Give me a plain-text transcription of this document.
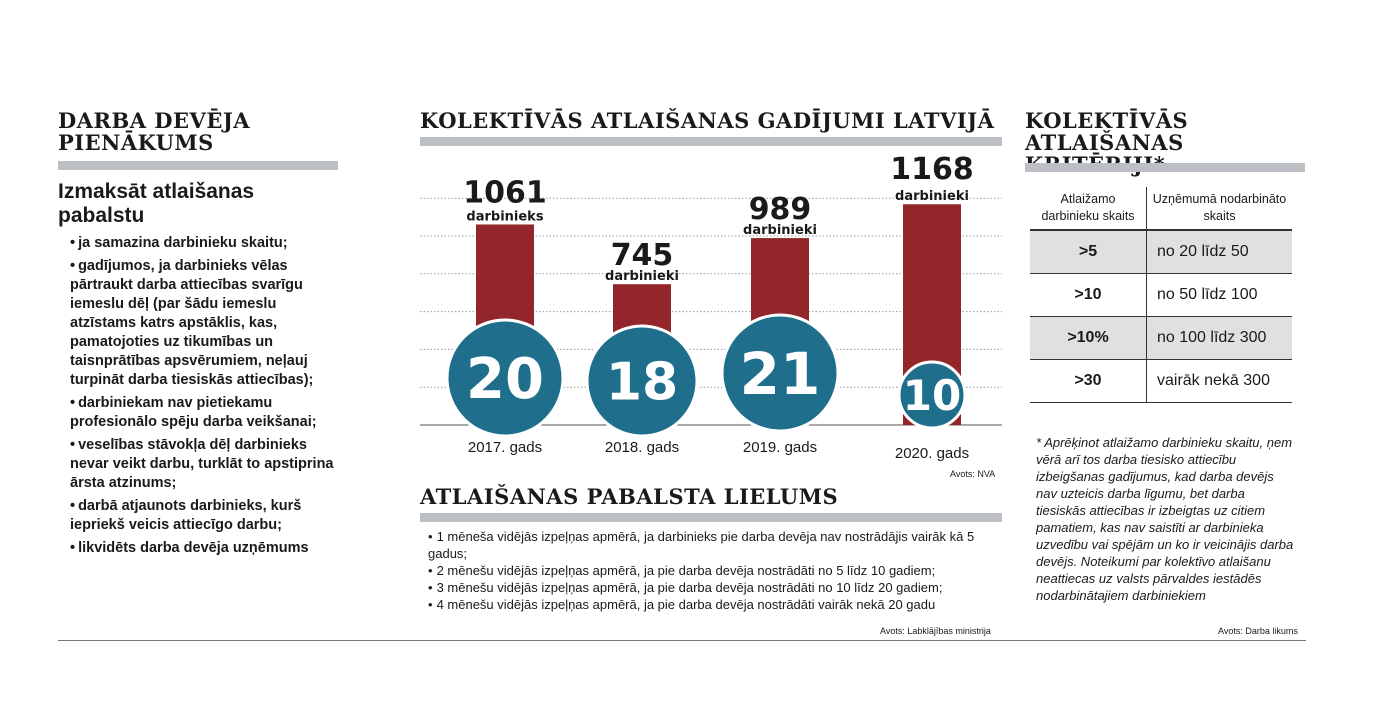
DARBA DEVĒJA
PIENĀKUMS
Izmaksāt atlaišanas
pabalstu
• ja samazina darbinieku skaitu;
• gadījumos, ja darbinieks vēlas pārtraukt darba attiecības svarīgu iemeslu dēļ (par šādu iemeslu atzīstams katrs apstāklis, kas, pamatojoties uz tikumības un taisnprātības apsvērumiem, neļauj turpināt darba tiesiskās attiecības);
• darbiniekam nav pietiekamu profesionālo spēju darba veikšanai;
• veselības stāvokļa dēļ darbinieks nevar veikt darbu, turklāt to apstiprina ārsta atzinums;
• darbā atjaunots darbinieks, kurš iepriekš veicis attiecīgo darbu;
• likvidēts darba devēja uzņēmums
KOLEKTĪVĀS ATLAIŠANAS GADĪJUMI LATVIJĀ
1061
darbinieks
20
2017. gads
745
darbinieki
18
2018. gads
989
darbinieki
21
2019. gads
1168
darbinieki
10
2020. gads
Avots: NVA
ATLAIŠANAS PABALSTA LIELUMS
• 1 mēneša vidējās izpeļņas apmērā, ja darbinieks pie darba devēja nav nostrādājis vairāk kā 5 gadus;
• 2 mēnešu vidējās izpeļņas apmērā, ja pie darba devēja nostrādāti no 5 līdz 10 gadiem;
• 3 mēnešu vidējās izpeļņas apmērā, ja pie darba devēja nostrādāti no 10 līdz 20 gadiem;
• 4 mēnešu vidējās izpeļņas apmērā, ja pie darba devēja nostrādāti vairāk nekā 20 gadu
Avots: Labklājības ministrija
KOLEKTĪVĀS
ATLAIŠANAS
Atlaižamo darbinieku skaits	Uzņēmumā nodarbināto skaits
>5	no 20 līdz 50
>10	no 50 līdz 100
>10%	no 100 līdz 300
>30	vairāk nekā 300
* Aprēķinot atlaižamo darbinieku skaitu, ņem vērā arī tos darba tiesisko attiecību izbeigšanas gadījumus, kad darba devējs nav uzteicis darba līgumu, bet darba tiesiskās attiecības ir izbeigtas uz citiem pamatiem, kas nav saistīti ar darbinieka uzvedību vai spējām un ko ir veicinājis darba devējs. Noteikumi par kolektīvo atlaišanu neattiecas uz valsts pārvaldes iestādēs nodarbinātajiem darbiniekiem
Avots: Darba likums
